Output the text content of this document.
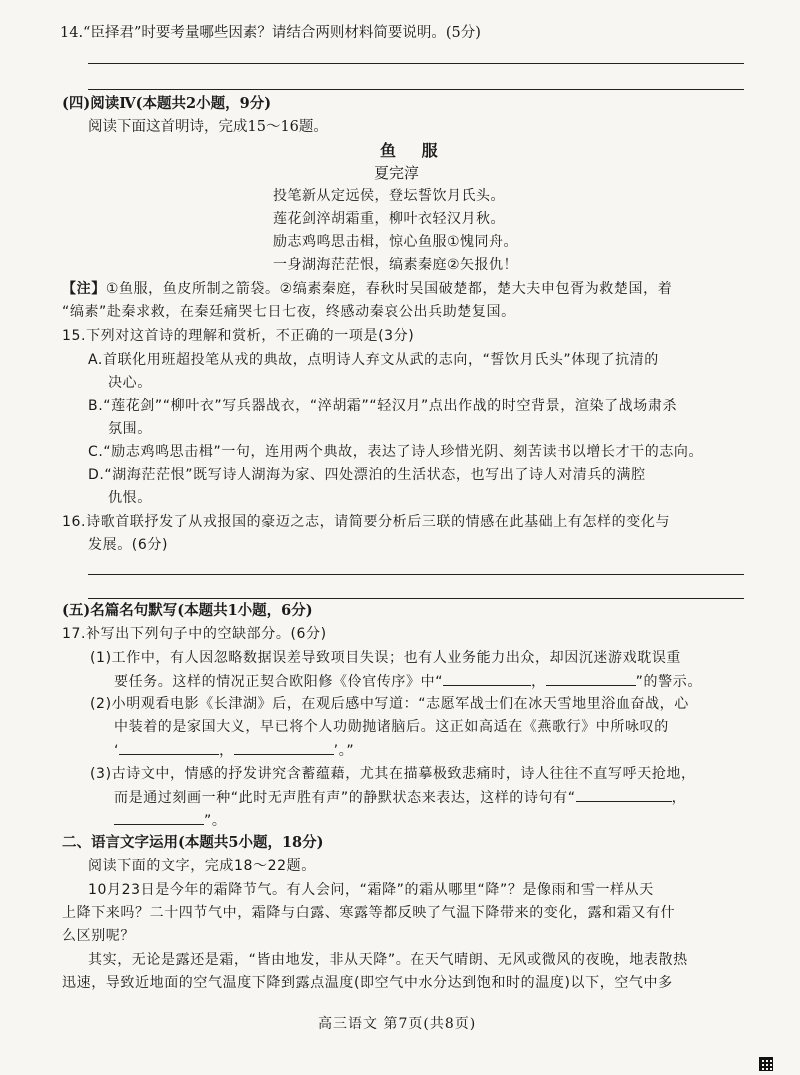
14.“臣择君”时要考量哪些因素？请结合两则材料简要说明。(5分)
(四)阅读Ⅳ(本题共2小题，9分)
阅读下面这首明诗，完成15～16题。
鱼 服
夏完淳
投笔新从定远侯，登坛誓饮月氏头。
莲花剑淬胡霜重，柳叶衣轻汉月秋。
励志鸡鸣思击楫，惊心鱼服①愧同舟。
一身湖海茫茫恨，缟素秦庭②矢报仇！
【注】①鱼服，鱼皮所制之箭袋。②缟素秦庭，春秋时吴国破楚都，楚大夫申包胥为救楚国，着
“缟素”赴秦求救，在秦廷痛哭七日七夜，终感动秦哀公出兵助楚复国。
15.下列对这首诗的理解和赏析，不正确的一项是(3分)
A.首联化用班超投笔从戎的典故，点明诗人弃文从武的志向，“誓饮月氏头”体现了抗清的
决心。
B.“莲花剑”“柳叶衣”写兵器战衣，“淬胡霜”“轻汉月”点出作战的时空背景，渲染了战场肃杀
氛围。
C.“励志鸡鸣思击楫”一句，连用两个典故，表达了诗人珍惜光阴、刻苦读书以增长才干的志向。
D.“湖海茫茫恨”既写诗人湖海为家、四处漂泊的生活状态，也写出了诗人对清兵的满腔
仇恨。
16.诗歌首联抒发了从戎报国的豪迈之志，请简要分析后三联的情感在此基础上有怎样的变化与
发展。(6分)
(五)名篇名句默写(本题共1小题，6分)
17.补写出下列句子中的空缺部分。(6分)
(1)工作中，有人因忽略数据误差导致项目失误；也有人业务能力出众，却因沉迷游戏耽误重
要任务。这样的情况正契合欧阳修《伶官传序》中“	，	”的警示。
(2)小明观看电影《长津湖》后，在观后感中写道：“志愿军战士们在冰天雪地里浴血奋战，心
中装着的是家国大义，早已将个人功勋抛诸脑后。这正如高适在《燕歌行》中所咏叹的
‘	，	’。”
(3)古诗文中，情感的抒发讲究含蓄蕴藉，尤其在描摹极致悲痛时，诗人往往不直写呼天抢地，
而是通过刻画一种“此时无声胜有声”的静默状态来表达，这样的诗句有“	，
”。
二、语言文字运用(本题共5小题，18分)
阅读下面的文字，完成18～22题。
10月23日是今年的霜降节气。有人会问，“霜降”的霜从哪里“降”？是像雨和雪一样从天
上降下来吗？二十四节气中，霜降与白露、寒露等都反映了气温下降带来的变化，露和霜又有什
么区别呢？
其实，无论是露还是霜，“皆由地发，非从天降”。在天气晴朗、无风或微风的夜晚，地表散热
迅速，导致近地面的空气温度下降到露点温度(即空气中水分达到饱和时的温度)以下，空气中多
高三语文 第7页(共8页)
